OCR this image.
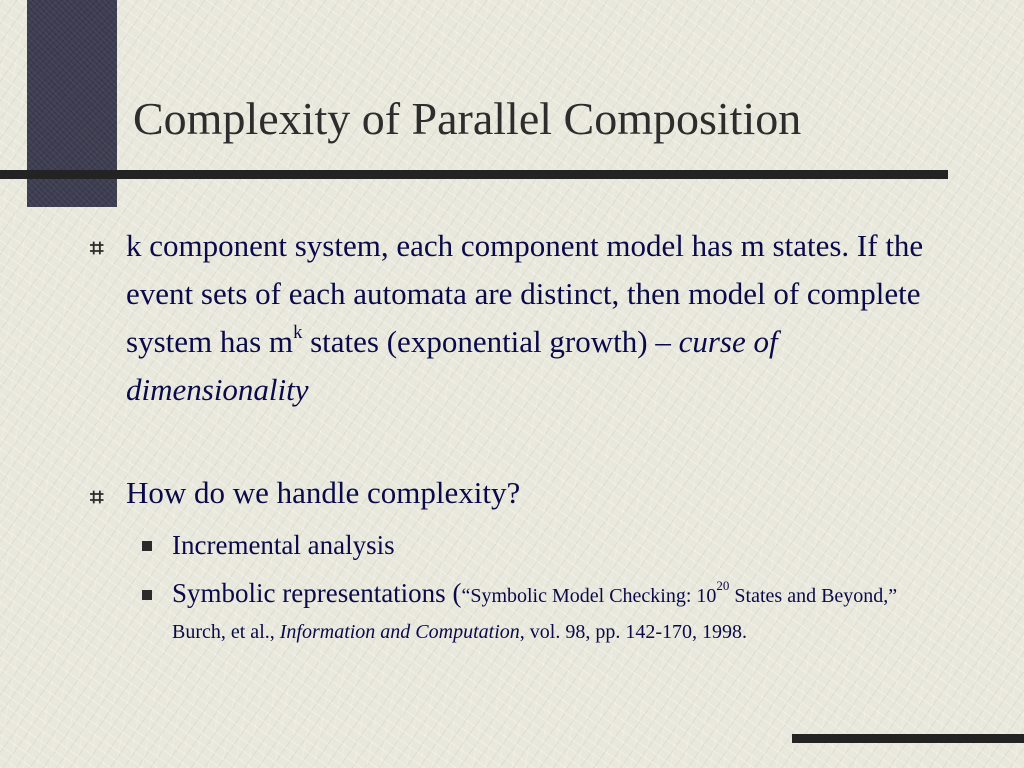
Complexity of Parallel Composition
⌗ k component system, each component model has m states. If the event sets of each automata are distinct, then model of complete system has $m^k$ states (exponential growth) – curse of dimensionality
⌗ How do we handle complexity?
Incremental analysis
Symbolic representations (“Symbolic Model Checking: $10^{20}$ States and Beyond,” Burch, et al., Information and Computation, vol. 98, pp. 142-170, 1998.
